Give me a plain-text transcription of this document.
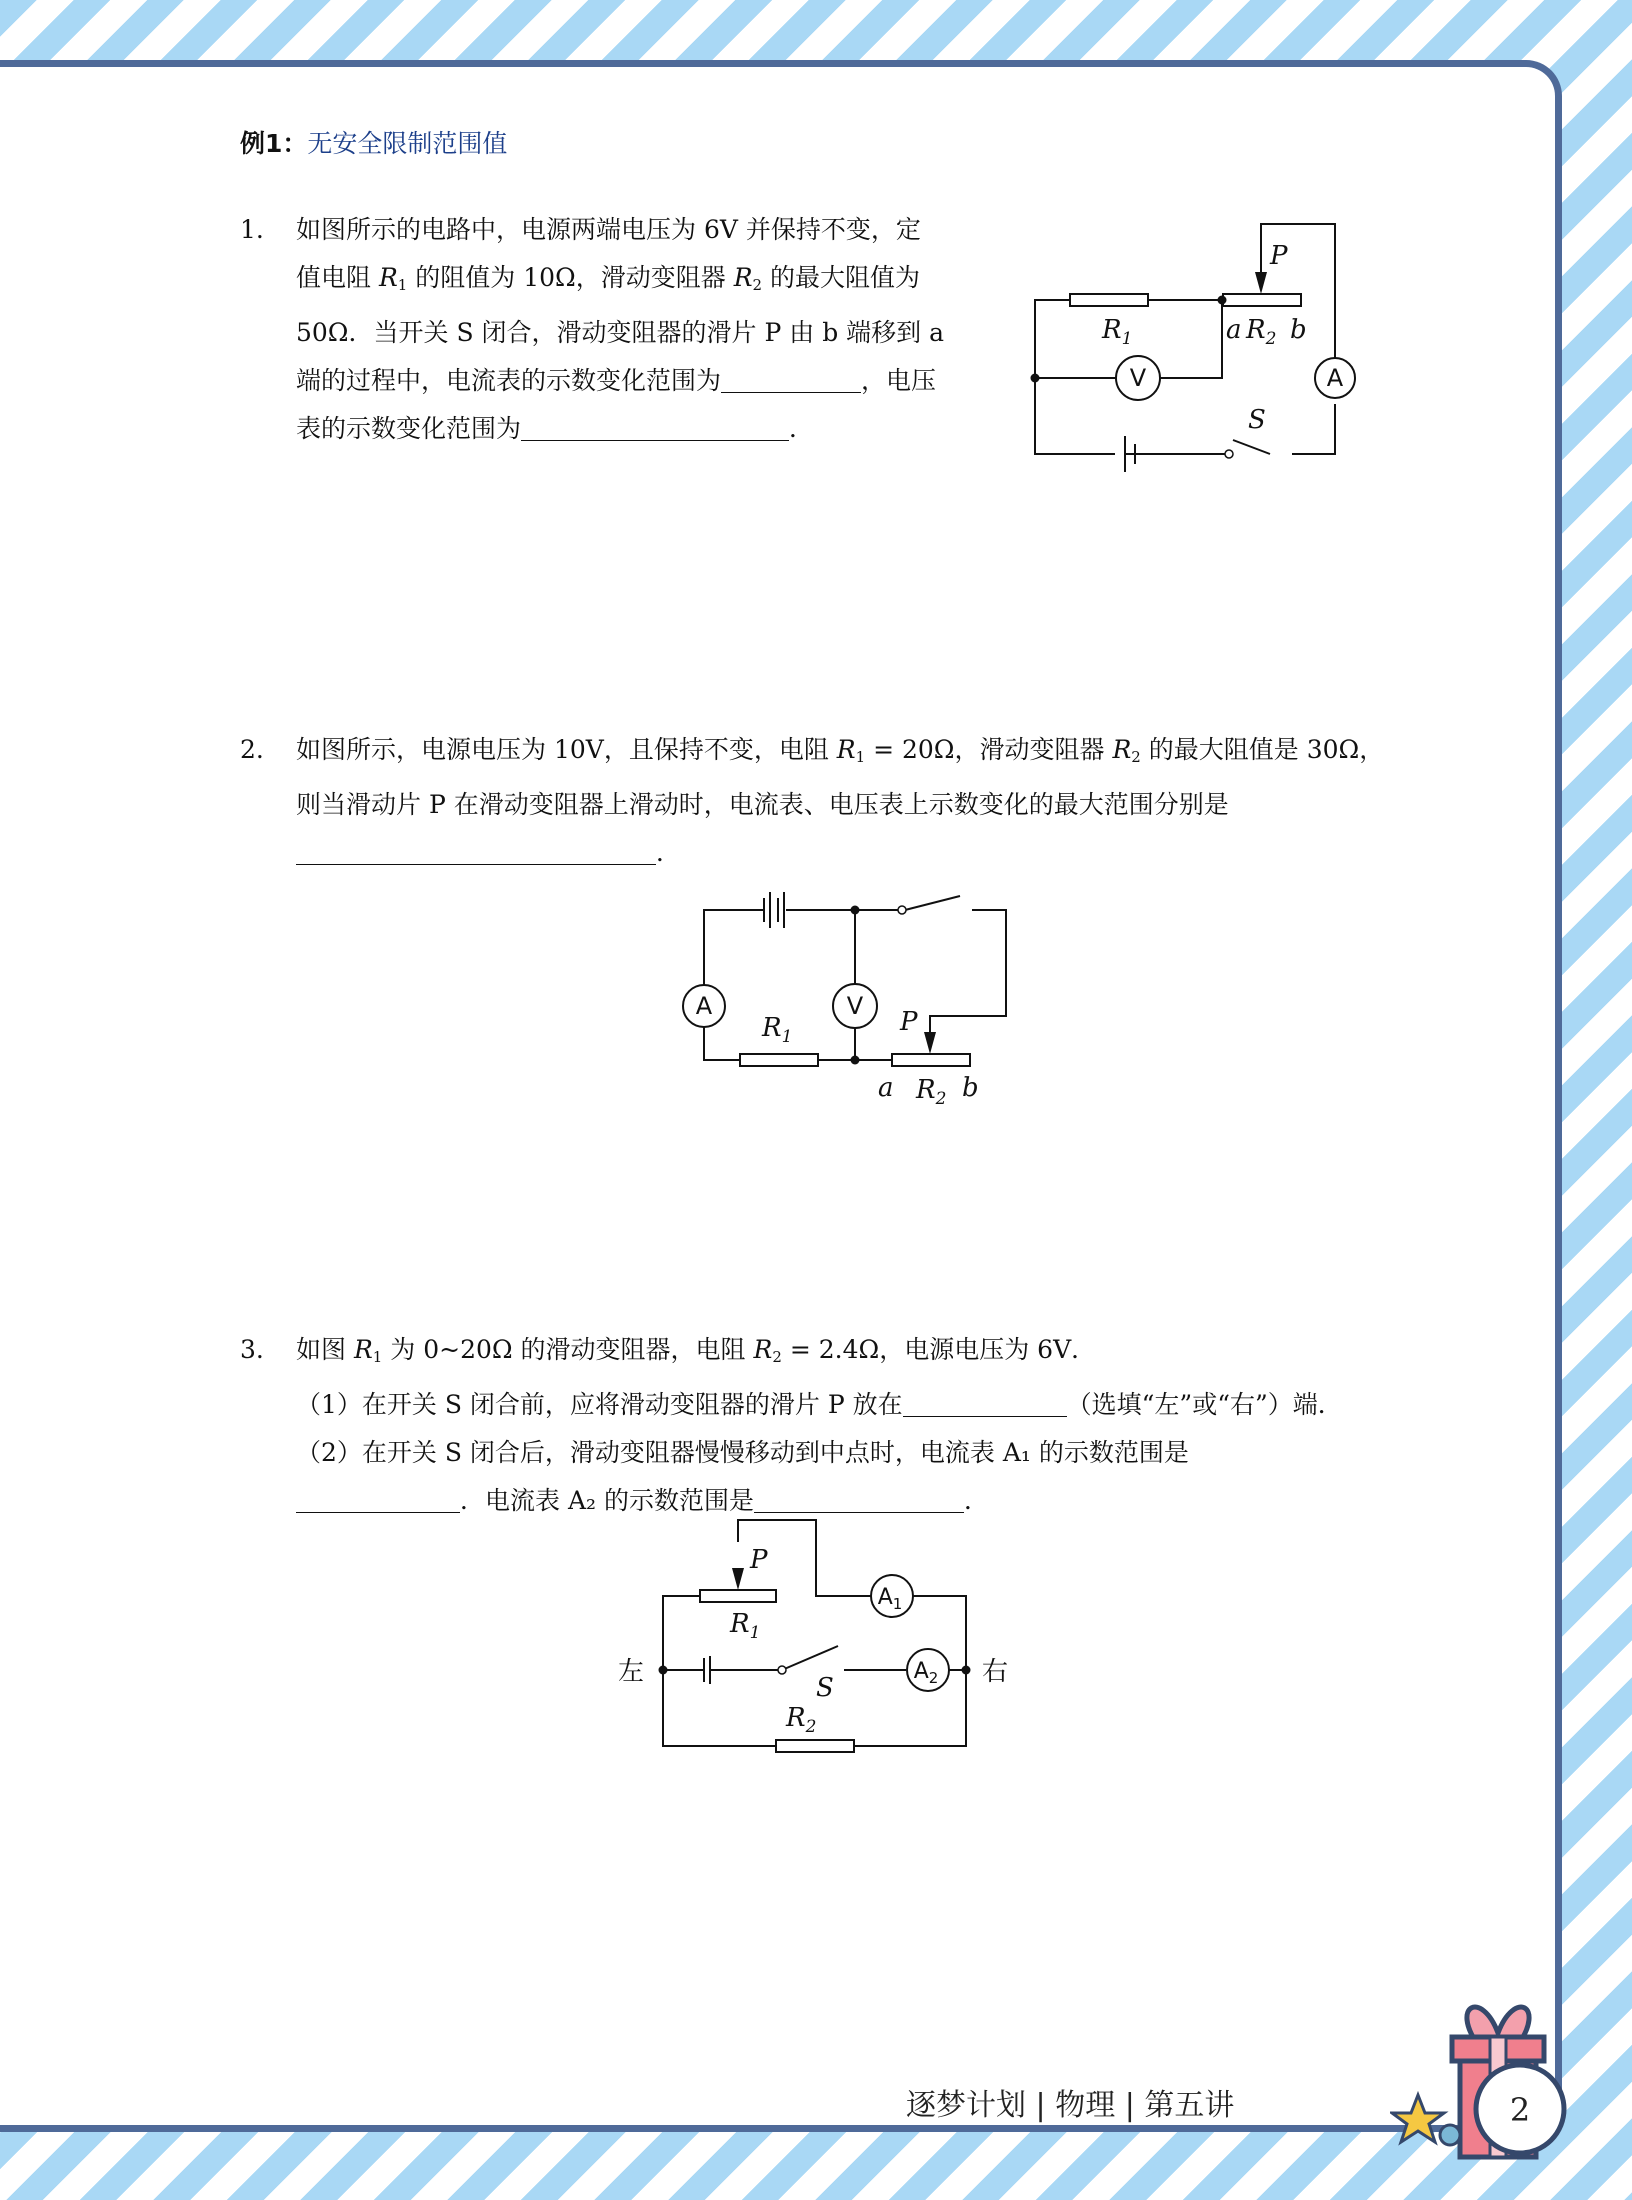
例1：无安全限制范围值
1. 如图所示的电路中，电源两端电压为 6V 并保持不变，定
值电阻 $R_1$ 的阻值为 10Ω，滑动变阻器 $R_2$ 的最大阻值为
50Ω．当开关 S 闭合，滑动变阻器的滑片 P 由 b 端移到 a
端的过程中，电流表的示数变化范围为	，电压
表的示数变化范围为	．
$R_1$	a $R_2$ b
P
S
A
V
2. 如图所示，电源电压为 10V，且保持不变，电阻 $R_1 = 20\Omega$，滑动变阻器 $R_2$ 的最大阻值是 30Ω，
则当滑动片 P 在滑动变阻器上滑动时，电流表、电压表上示数变化的最大范围分别是
．
$R_1$	P
a $R_2$ b
A	V
3. 如图 $R_1$ 为 0~20Ω 的滑动变阻器，电阻 $R_2 = 2.4\Omega$，电源电压为 6V．
（1）在开关 S 闭合前，应将滑动变阻器的滑片 P 放在	（选填“左”或“右”）端．
（2）在开关 S 闭合后，滑动变阻器慢慢移动到中点时，电流表 A₁ 的示数范围是
．电流表 A₂ 的示数范围是	．
P
$R_1$
S
$R_2$
$A_1$
$A_2$
左	右
逐梦计划 | 物理 | 第五讲	2
